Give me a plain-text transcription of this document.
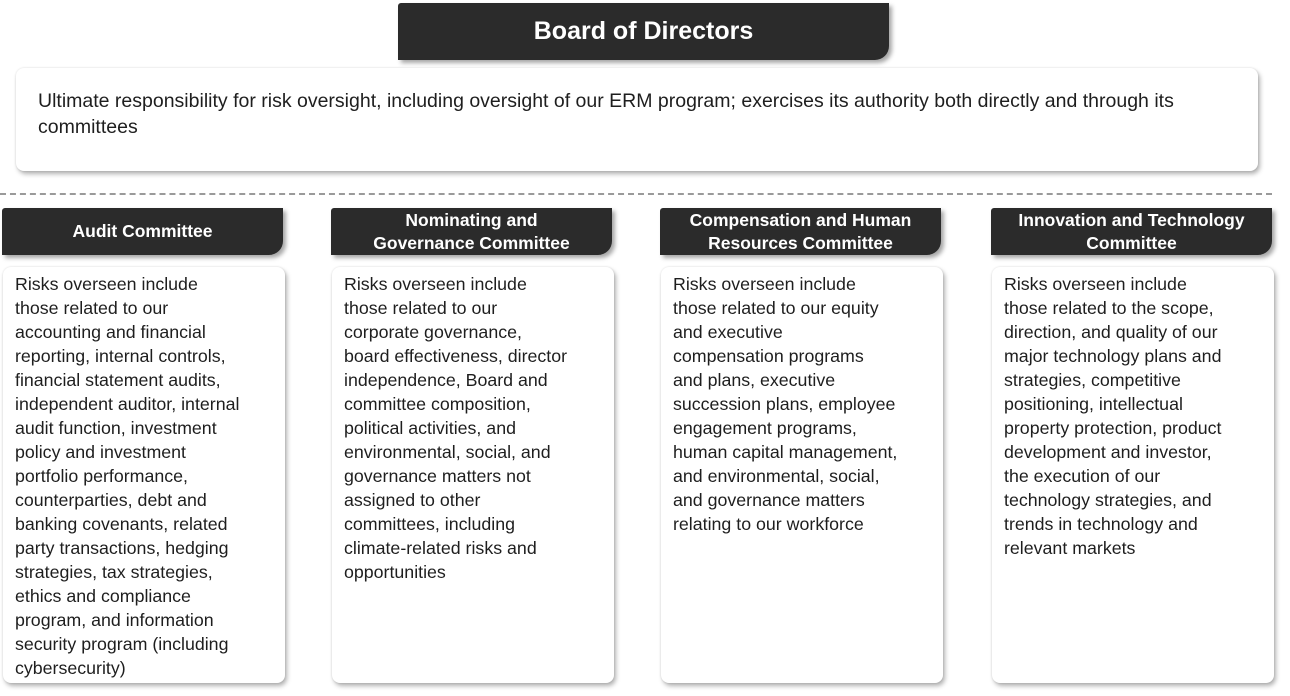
Board of Directors
Ultimate responsibility for risk oversight, including oversight of our ERM program; exercises its authority both directly and through its committees
Audit Committee
Risks overseen include
those related to our
accounting and financial
reporting, internal controls,
financial statement audits,
independent auditor, internal
audit function, investment
policy and investment
portfolio performance,
counterparties, debt and
banking covenants, related
party transactions, hedging
strategies, tax strategies,
ethics and compliance
program, and information
security program (including
cybersecurity)
Nominating and
Governance Committee
Risks overseen include
those related to our
corporate governance,
board effectiveness, director
independence, Board and
committee composition,
political activities, and
environmental, social, and
governance matters not
assigned to other
committees, including
climate-related risks and
opportunities
Compensation and Human
Resources Committee
Risks overseen include
those related to our equity
and executive
compensation programs
and plans, executive
succession plans, employee
engagement programs,
human capital management,
and environmental, social,
and governance matters
relating to our workforce
Innovation and Technology
Committee
Risks overseen include
those related to the scope,
direction, and quality of our
major technology plans and
strategies, competitive
positioning, intellectual
property protection, product
development and investor,
the execution of our
technology strategies, and
trends in technology and
relevant markets
